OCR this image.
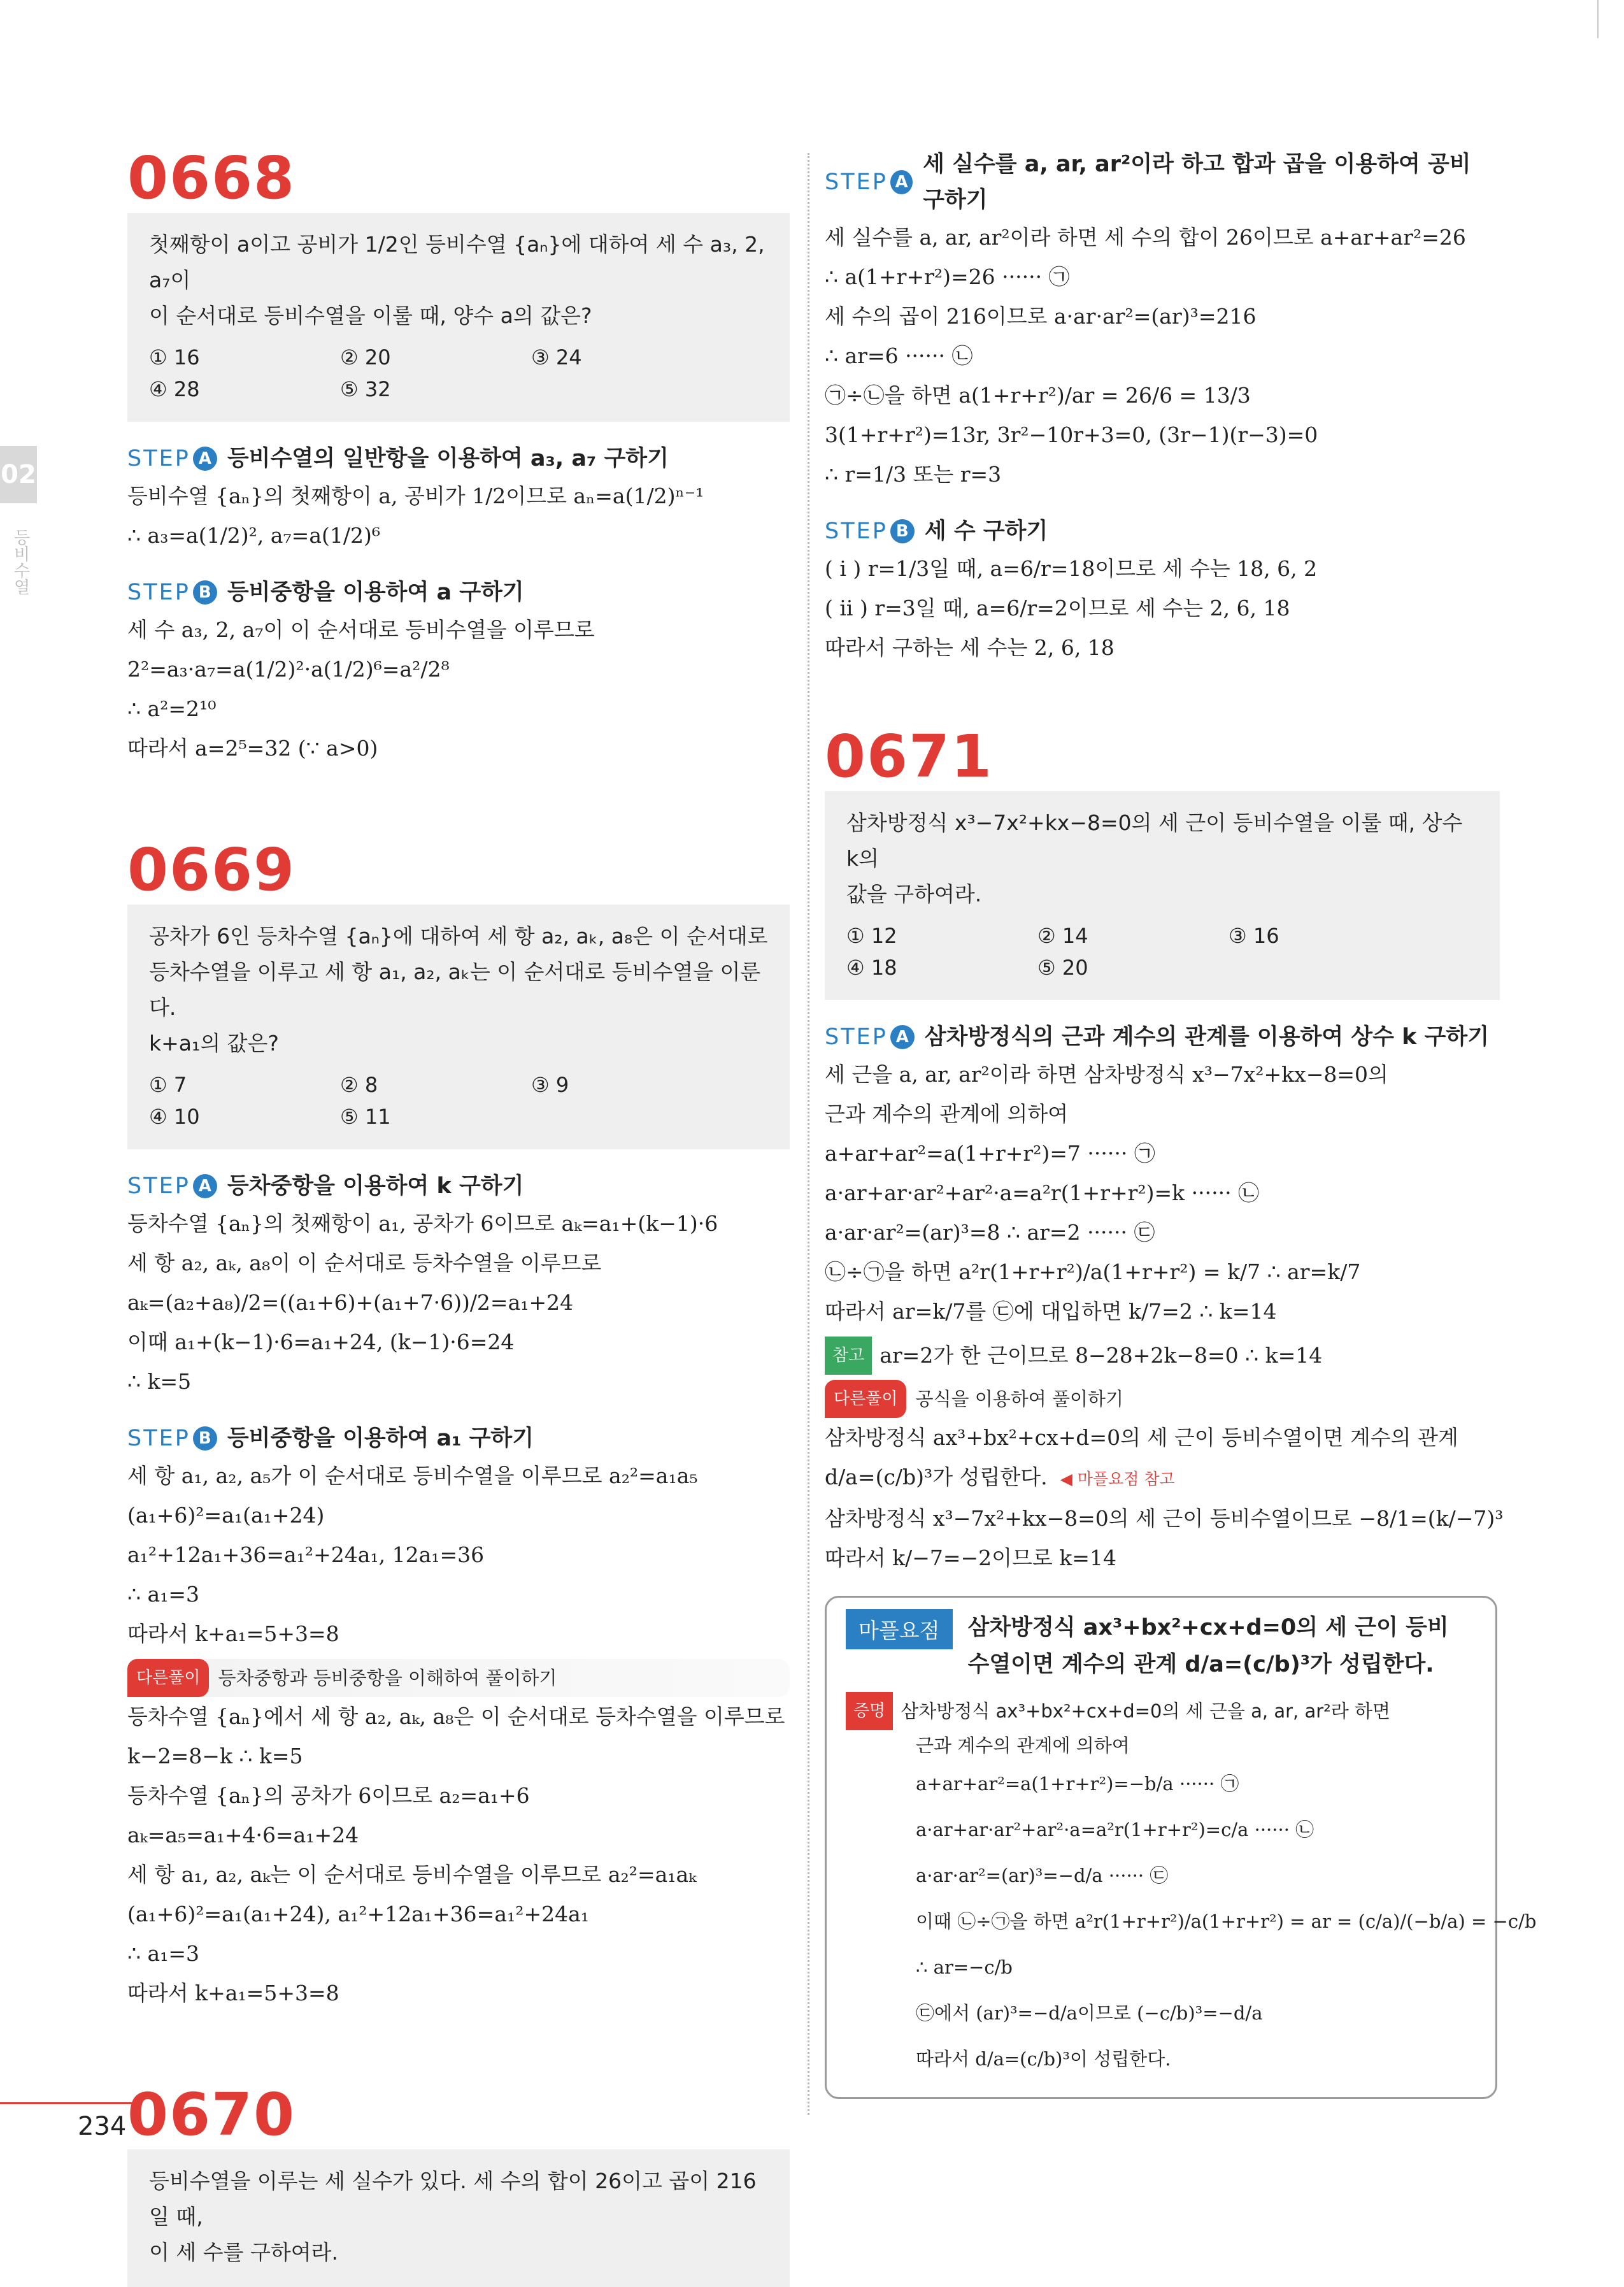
02
등비수열
0668
첫째항이 a이고 공비가 1/2인 등비수열 {aₙ}에 대하여 세 수 a₃, 2, a₇이
이 순서대로 등비수열을 이룰 때, 양수 a의 값은?
① 16	② 20	③ 24
④ 28	⑤ 32
STEP A 등비수열의 일반항을 이용하여 a₃, a₇ 구하기
등비수열 {aₙ}의 첫째항이 a, 공비가 1/2이므로 aₙ=a(1/2)ⁿ⁻¹
∴ a₃=a(1/2)², a₇=a(1/2)⁶
STEP B 등비중항을 이용하여 a 구하기
세 수 a₃, 2, a₇이 이 순서대로 등비수열을 이루므로
2²=a₃·a₇=a(1/2)²·a(1/2)⁶=a²/2⁸
∴ a²=2¹⁰
따라서 a=2⁵=32 (∵ a>0)
0669
공차가 6인 등차수열 {aₙ}에 대하여 세 항 a₂, aₖ, a₈은 이 순서대로
등차수열을 이루고 세 항 a₁, a₂, aₖ는 이 순서대로 등비수열을 이룬다.
k+a₁의 값은?
① 7	② 8	③ 9
④ 10	⑤ 11
STEP A 등차중항을 이용하여 k 구하기
등차수열 {aₙ}의 첫째항이 a₁, 공차가 6이므로 aₖ=a₁+(k−1)·6
세 항 a₂, aₖ, a₈이 이 순서대로 등차수열을 이루므로
aₖ=(a₂+a₈)/2=((a₁+6)+(a₁+7·6))/2=a₁+24
이때 a₁+(k−1)·6=a₁+24, (k−1)·6=24
∴ k=5
STEP B 등비중항을 이용하여 a₁ 구하기
세 항 a₁, a₂, a₅가 이 순서대로 등비수열을 이루므로 a₂²=a₁a₅
(a₁+6)²=a₁(a₁+24)
a₁²+12a₁+36=a₁²+24a₁, 12a₁=36
∴ a₁=3
따라서 k+a₁=5+3=8
다른풀이 등차중항과 등비중항을 이해하여 풀이하기
등차수열 {aₙ}에서 세 항 a₂, aₖ, a₈은 이 순서대로 등차수열을 이루므로
k−2=8−k ∴ k=5
등차수열 {aₙ}의 공차가 6이므로 a₂=a₁+6
aₖ=a₅=a₁+4·6=a₁+24
세 항 a₁, a₂, aₖ는 이 순서대로 등비수열을 이루므로 a₂²=a₁aₖ
(a₁+6)²=a₁(a₁+24), a₁²+12a₁+36=a₁²+24a₁
∴ a₁=3
따라서 k+a₁=5+3=8
0670
등비수열을 이루는 세 실수가 있다. 세 수의 합이 26이고 곱이 216일 때,
이 세 수를 구하여라.
STEP A
세 실수를 a, ar, ar²이라 하고 합과 곱을 이용하여 공비 구하기
세 실수를 a, ar, ar²이라 하면 세 수의 합이 26이므로 a+ar+ar²=26
∴ a(1+r+r²)=26 ······ ㉠
세 수의 곱이 216이므로 a·ar·ar²=(ar)³=216
∴ ar=6 ······ ㉡
㉠÷㉡을 하면 a(1+r+r²)/ar = 26/6 = 13/3
3(1+r+r²)=13r, 3r²−10r+3=0, (3r−1)(r−3)=0
∴ r=1/3 또는 r=3
STEP B 세 수 구하기
( i ) r=1/3일 때, a=6/r=18이므로 세 수는 18, 6, 2
( ii ) r=3일 때, a=6/r=2이므로 세 수는 2, 6, 18
따라서 구하는 세 수는 2, 6, 18
0671
삼차방정식 x³−7x²+kx−8=0의 세 근이 등비수열을 이룰 때, 상수 k의
값을 구하여라.
① 12	② 14	③ 16
④ 18	⑤ 20
STEP A 삼차방정식의 근과 계수의 관계를 이용하여 상수 k 구하기
세 근을 a, ar, ar²이라 하면 삼차방정식 x³−7x²+kx−8=0의
근과 계수의 관계에 의하여
a+ar+ar²=a(1+r+r²)=7 ······ ㉠
a·ar+ar·ar²+ar²·a=a²r(1+r+r²)=k ······ ㉡
a·ar·ar²=(ar)³=8 ∴ ar=2 ······ ㉢
㉡÷㉠을 하면 a²r(1+r+r²)/a(1+r+r²) = k/7 ∴ ar=k/7
따라서 ar=k/7를 ㉢에 대입하면 k/7=2 ∴ k=14
참고 ar=2가 한 근이므로 8−28+2k−8=0 ∴ k=14
다른풀이 공식을 이용하여 풀이하기
삼차방정식 ax³+bx²+cx+d=0의 세 근이 등비수열이면 계수의 관계
d/a=(c/b)³가 성립한다. ◀ 마플요점 참고
삼차방정식 x³−7x²+kx−8=0의 세 근이 등비수열이므로 −8/1=(k/−7)³
따라서 k/−7=−2이므로 k=14
마플요점	삼차방정식 ax³+bx²+cx+d=0의 세 근이 등비
수열이면 계수의 관계 d/a=(c/b)³가 성립한다.
증명 삼차방정식 ax³+bx²+cx+d=0의 세 근을 a, ar, ar²라 하면
근과 계수의 관계에 의하여
a+ar+ar²=a(1+r+r²)=−b/a ······ ㉠
a·ar+ar·ar²+ar²·a=a²r(1+r+r²)=c/a ······ ㉡
a·ar·ar²=(ar)³=−d/a ······ ㉢
이때 ㉡÷㉠을 하면 a²r(1+r+r²)/a(1+r+r²) = ar = (c/a)/(−b/a) = −c/b
∴ ar=−c/b
㉢에서 (ar)³=−d/a이므로 (−c/b)³=−d/a
따라서 d/a=(c/b)³이 성립한다.
234
